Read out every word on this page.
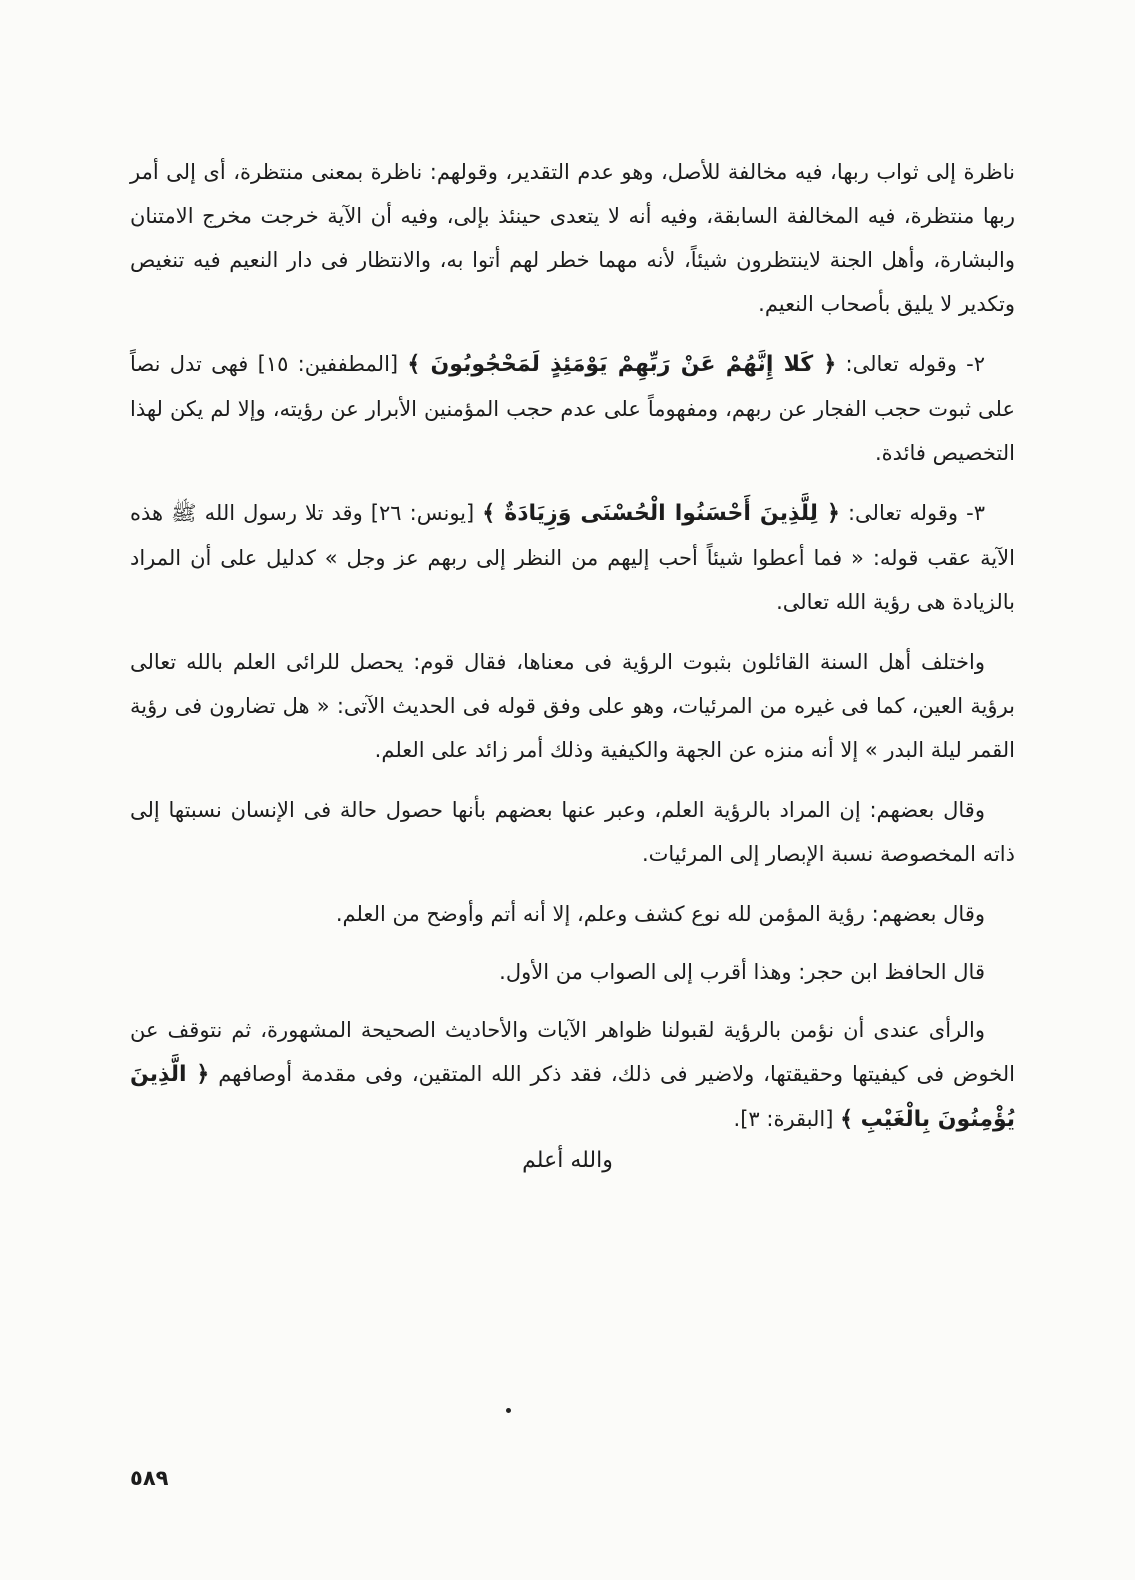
ناظرة إلى ثواب ربها، فيه مخالفة للأصل، وهو عدم التقدير، وقولهم: ناظرة بمعنى منتظرة، أى إلى أمر ربها منتظرة، فيه المخالفة السابقة، وفيه أنه لا يتعدى حينئذ بإلى، وفيه أن الآية خرجت مخرج الامتنان والبشارة، وأهل الجنة لاينتظرون شيئاً، لأنه مهما خطر لهم أتوا به، والانتظار فى دار النعيم فيه تنغيص وتكدير لا يليق بأصحاب النعيم.

٢- وقوله تعالى: ﴿ كَلا إِنَّهُمْ عَنْ رَبِّهِمْ يَوْمَئِذٍ لَمَحْجُوبُونَ ﴾ [المطففين: ١٥] فهى تدل نصاً على ثبوت حجب الفجار عن ربهم، ومفهوماً على عدم حجب المؤمنين الأبرار عن رؤيته، وإلا لم يكن لهذا التخصيص فائدة.

٣- وقوله تعالى: ﴿ لِلَّذِينَ أَحْسَنُوا الْحُسْنَى وَزِيَادَةٌ ﴾ [يونس: ٢٦] وقد تلا رسول الله ﷺ هذه الآية عقب قوله: « فما أعطوا شيئاً أحب إليهم من النظر إلى ربهم عز وجل » كدليل على أن المراد بالزيادة هى رؤية الله تعالى.

واختلف أهل السنة القائلون بثبوت الرؤية فى معناها، فقال قوم: يحصل للرائى العلم بالله تعالى برؤية العين، كما فى غيره من المرئيات، وهو على وفق قوله فى الحديث الآتى: « هل تضارون فى رؤية القمر ليلة البدر » إلا أنه منزه عن الجهة والكيفية وذلك أمر زائد على العلم.

وقال بعضهم: إن المراد بالرؤية العلم، وعبر عنها بعضهم بأنها حصول حالة فى الإنسان نسبتها إلى ذاته المخصوصة نسبة الإبصار إلى المرئيات.

وقال بعضهم: رؤية المؤمن لله نوع كشف وعلم، إلا أنه أتم وأوضح من العلم.

قال الحافظ ابن حجر: وهذا أقرب إلى الصواب من الأول.

والرأى عندى أن نؤمن بالرؤية لقبولنا ظواهر الآيات والأحاديث الصحيحة المشهورة، ثم نتوقف عن الخوض فى كيفيتها وحقيقتها، ولاضير فى ذلك، فقد ذكر الله المتقين، وفى مقدمة أوصافهم ﴿ الَّذِينَ يُؤْمِنُونَ بِالْغَيْبِ ﴾ [البقرة: ٣].

والله أعلم
٥٨٩
